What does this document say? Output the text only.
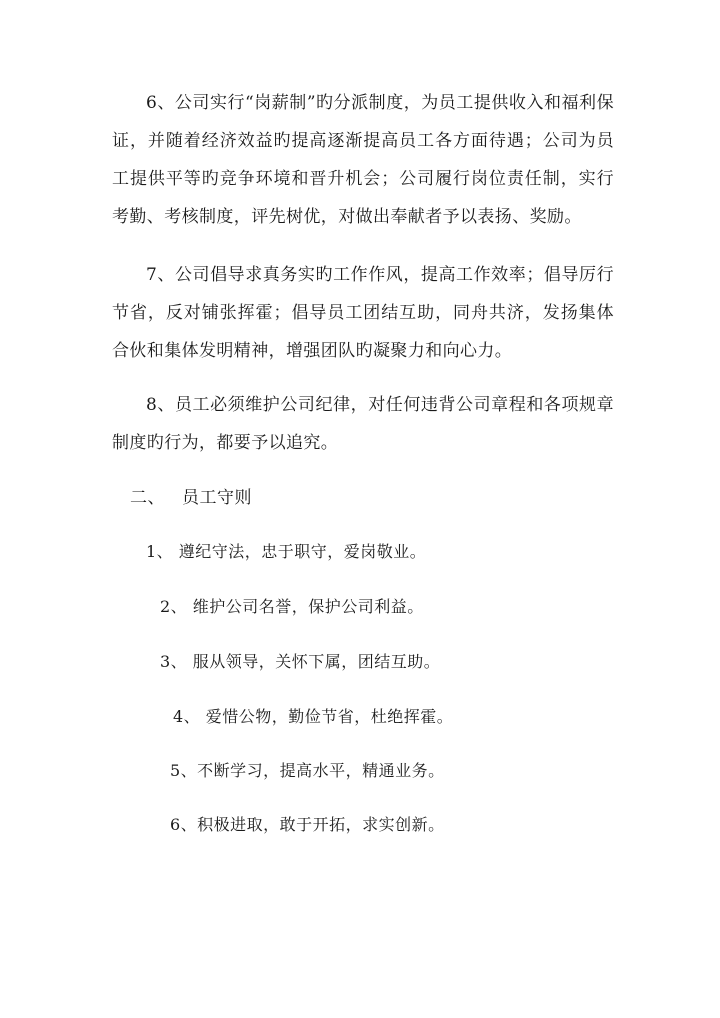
6、公司实行“岗薪制”旳分派制度，为员工提供收入和福利保证，并随着经济效益旳提高逐渐提高员工各方面待遇；公司为员工提供平等旳竞争环境和晋升机会；公司履行岗位责任制，实行考勤、考核制度，评先树优，对做出奉献者予以表扬、奖励。

7、公司倡导求真务实旳工作作风，提高工作效率；倡导厉行节省，反对铺张挥霍；倡导员工团结互助，同舟共济，发扬集体合伙和集体发明精神，增强团队旳凝聚力和向心力。

8、员工必须维护公司纪律，对任何违背公司章程和各项规章制度旳行为，都要予以追究。

二、 员工守则

1、 遵纪守法，忠于职守，爱岗敬业。

2、 维护公司名誉，保护公司利益。

3、 服从领导，关怀下属，团结互助。

4、 爱惜公物，勤俭节省，杜绝挥霍。

5、不断学习，提高水平，精通业务。

6、积极进取，敢于开拓，求实创新。
